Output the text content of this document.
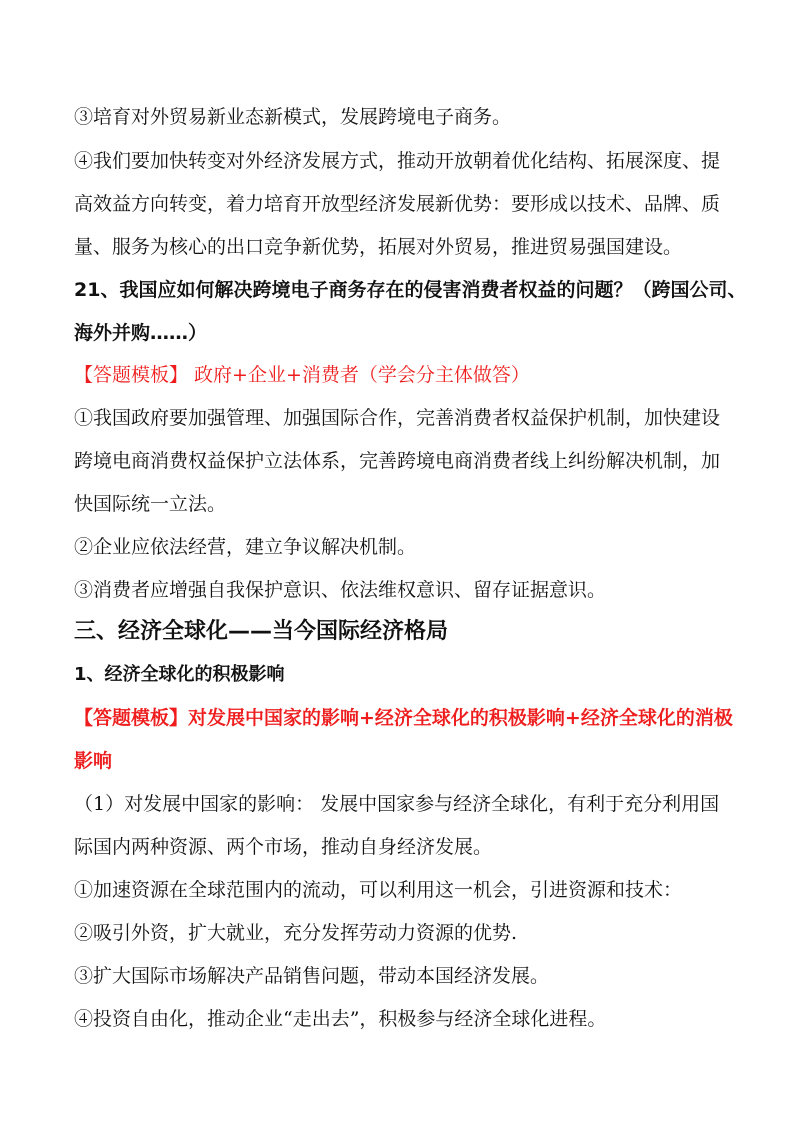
③培育对外贸易新业态新模式，发展跨境电子商务。
④我们要加快转变对外经济发展方式，推动开放朝着优化结构、拓展深度、提
高效益方向转变，着力培育开放型经济发展新优势：要形成以技术、品牌、质
量、服务为核心的出口竞争新优势，拓展对外贸易，推进贸易强国建设。
21、我国应如何解决跨境电子商务存在的侵害消费者权益的问题？（跨国公司、
海外并购……）
【答题模板】 政府+企业+消费者（学会分主体做答）
①我国政府要加强管理、加强国际合作，完善消费者权益保护机制，加快建设
跨境电商消费权益保护立法体系，完善跨境电商消费者线上纠纷解决机制，加
快国际统一立法。
②企业应依法经营，建立争议解决机制。
③消费者应增强自我保护意识、依法维权意识、留存证据意识。
三、经济全球化——当今国际经济格局
1、经济全球化的积极影响
【答题模板】对发展中国家的影响+经济全球化的积极影响+经济全球化的消极
影响
（1）对发展中国家的影响： 发展中国家参与经济全球化，有利于充分利用国
际国内两种资源、两个市场，推动自身经济发展。
①加速资源在全球范围内的流动，可以利用这一机会，引进资源和技术：
②吸引外资，扩大就业，充分发挥劳动力资源的优势.
③扩大国际市场解决产品销售问题，带动本国经济发展。
④投资自由化，推动企业“走出去”，积极参与经济全球化进程。
